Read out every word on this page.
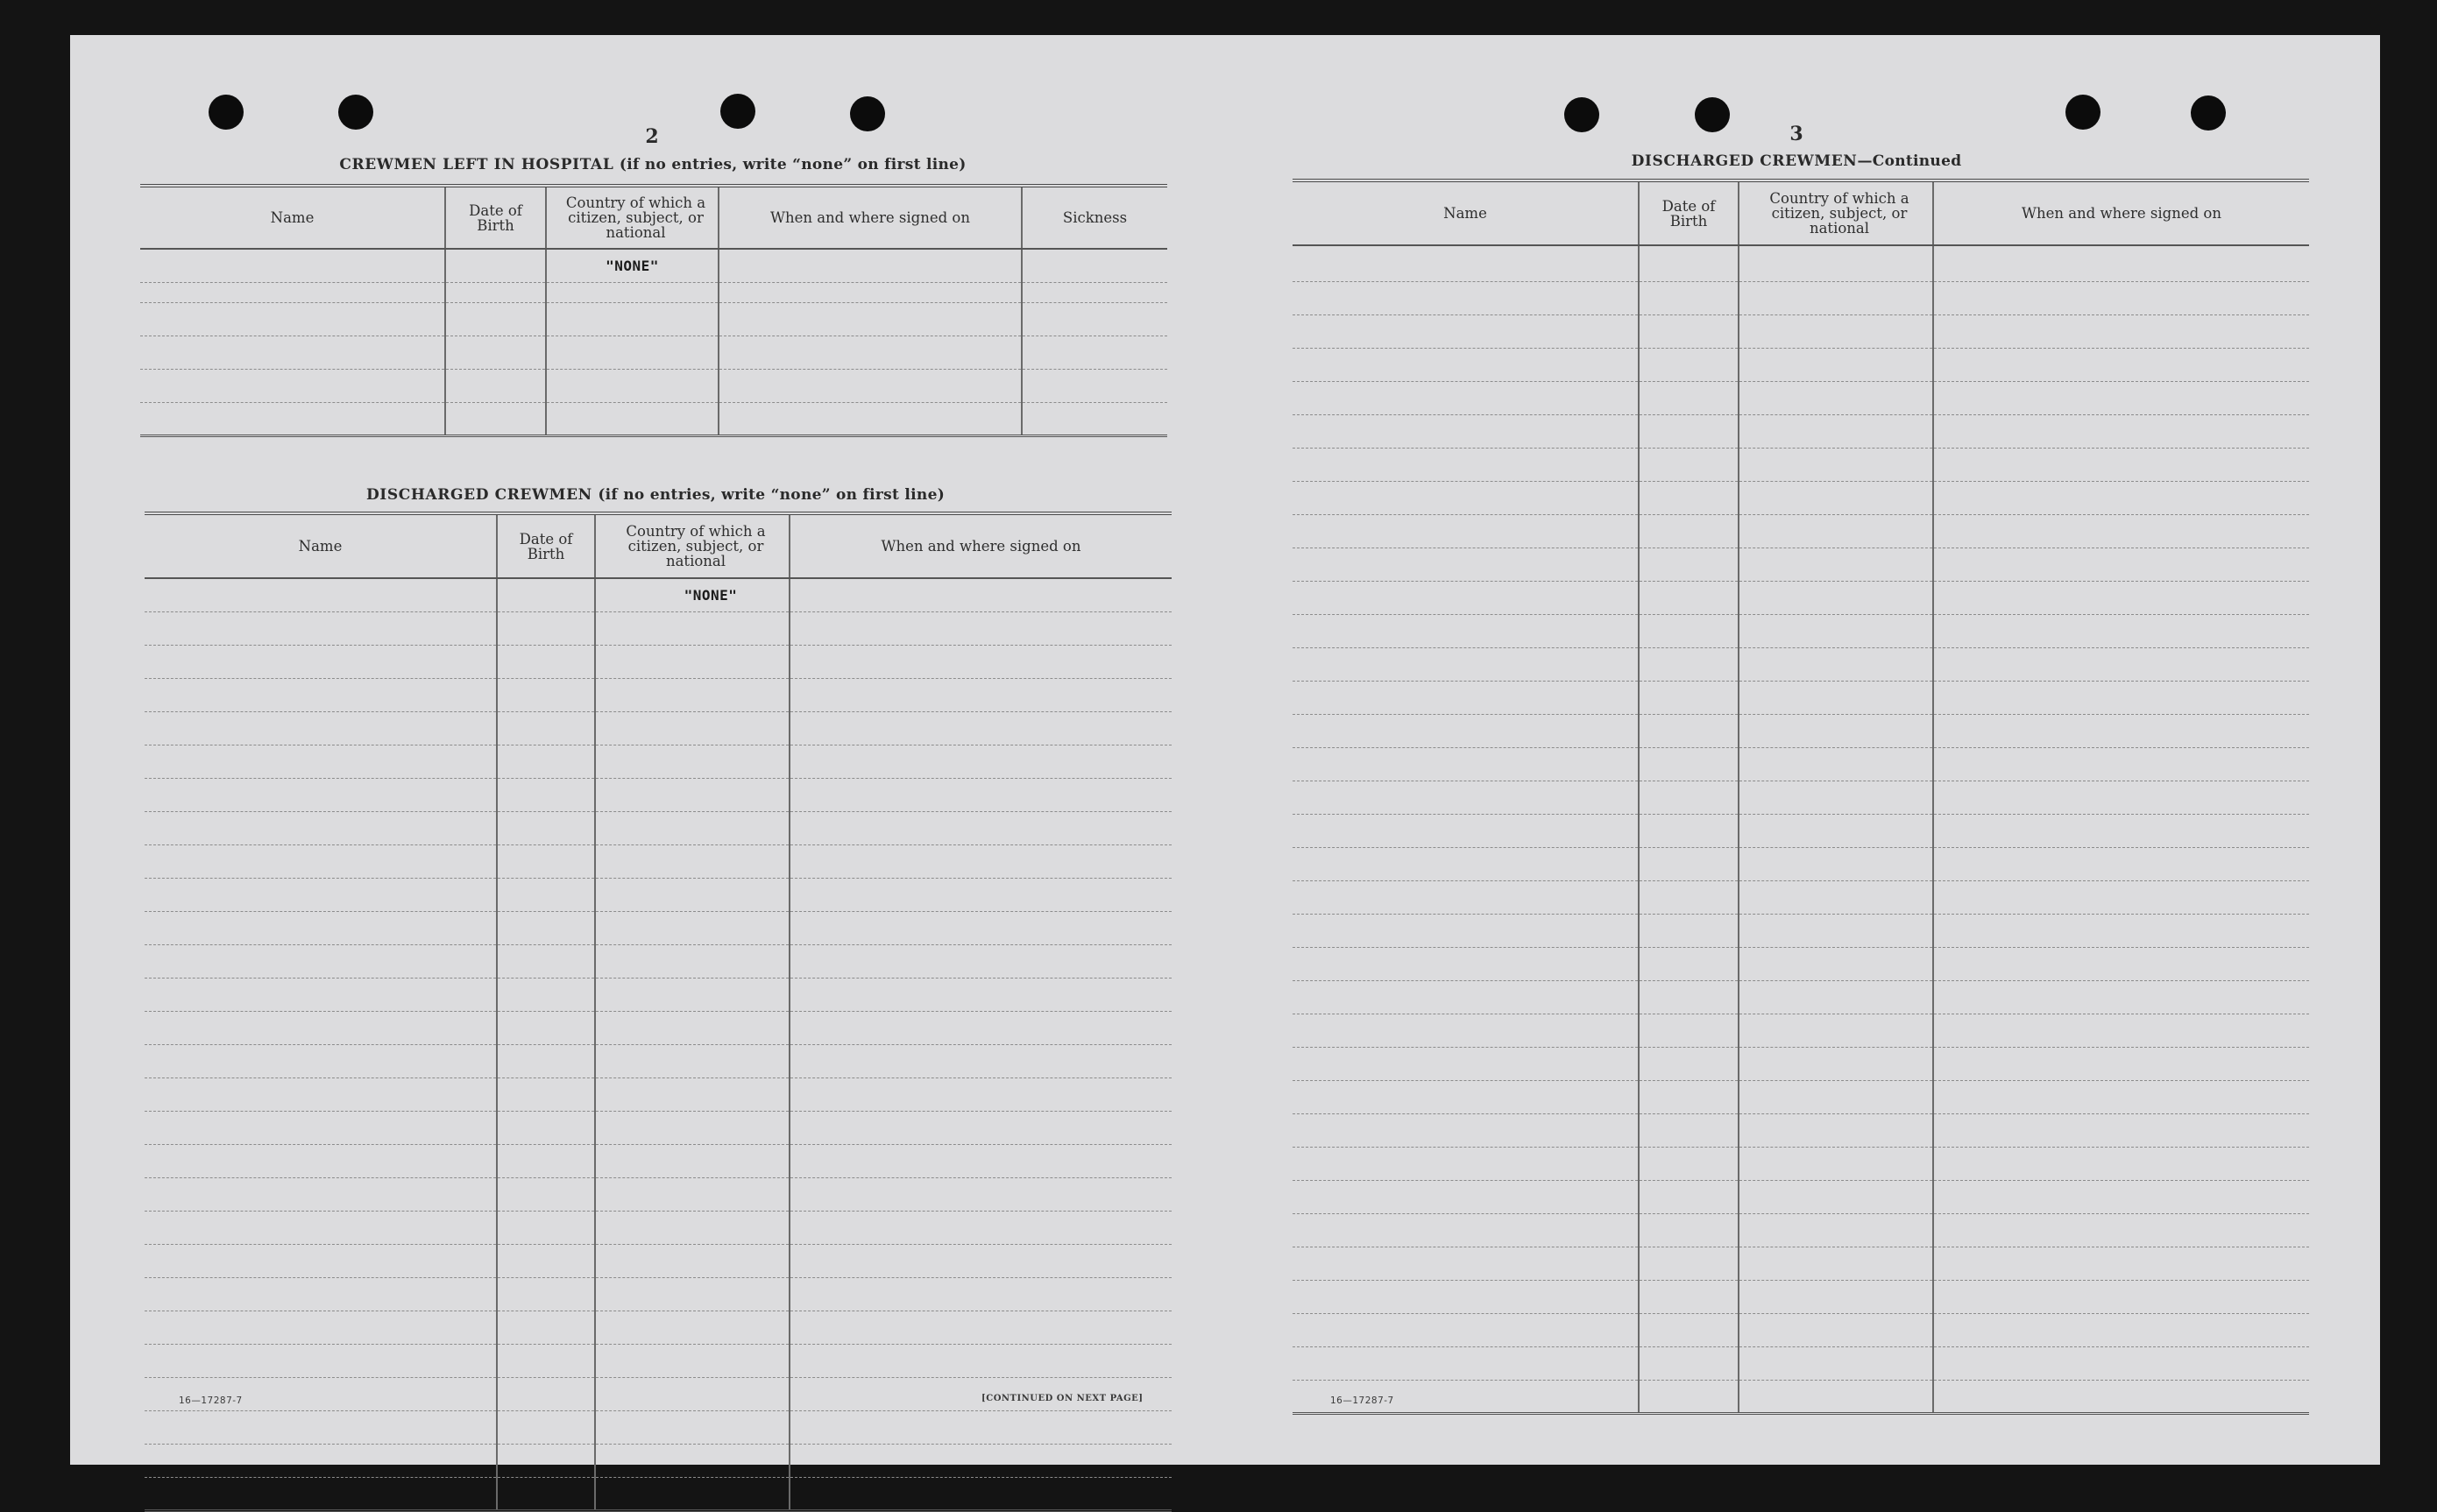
2
CREWMEN LEFT IN HOSPITAL (if no entries, write “none” on first line)
Name	Date of Birth	Country of which a citizen, subject, or national	When and where signed on	Sickness
		"NONE"		

DISCHARGED CREWMEN (if no entries, write “none” on first line)
Name	Date of Birth	Country of which a citizen, subject, or national	When and where signed on
		"NONE"	

16—17287-7	[CONTINUED ON NEXT PAGE]
3
DISCHARGED CREWMEN—Continued
Name	Date of Birth	Country of which a citizen, subject, or national	When and where signed on

16—17287-7
